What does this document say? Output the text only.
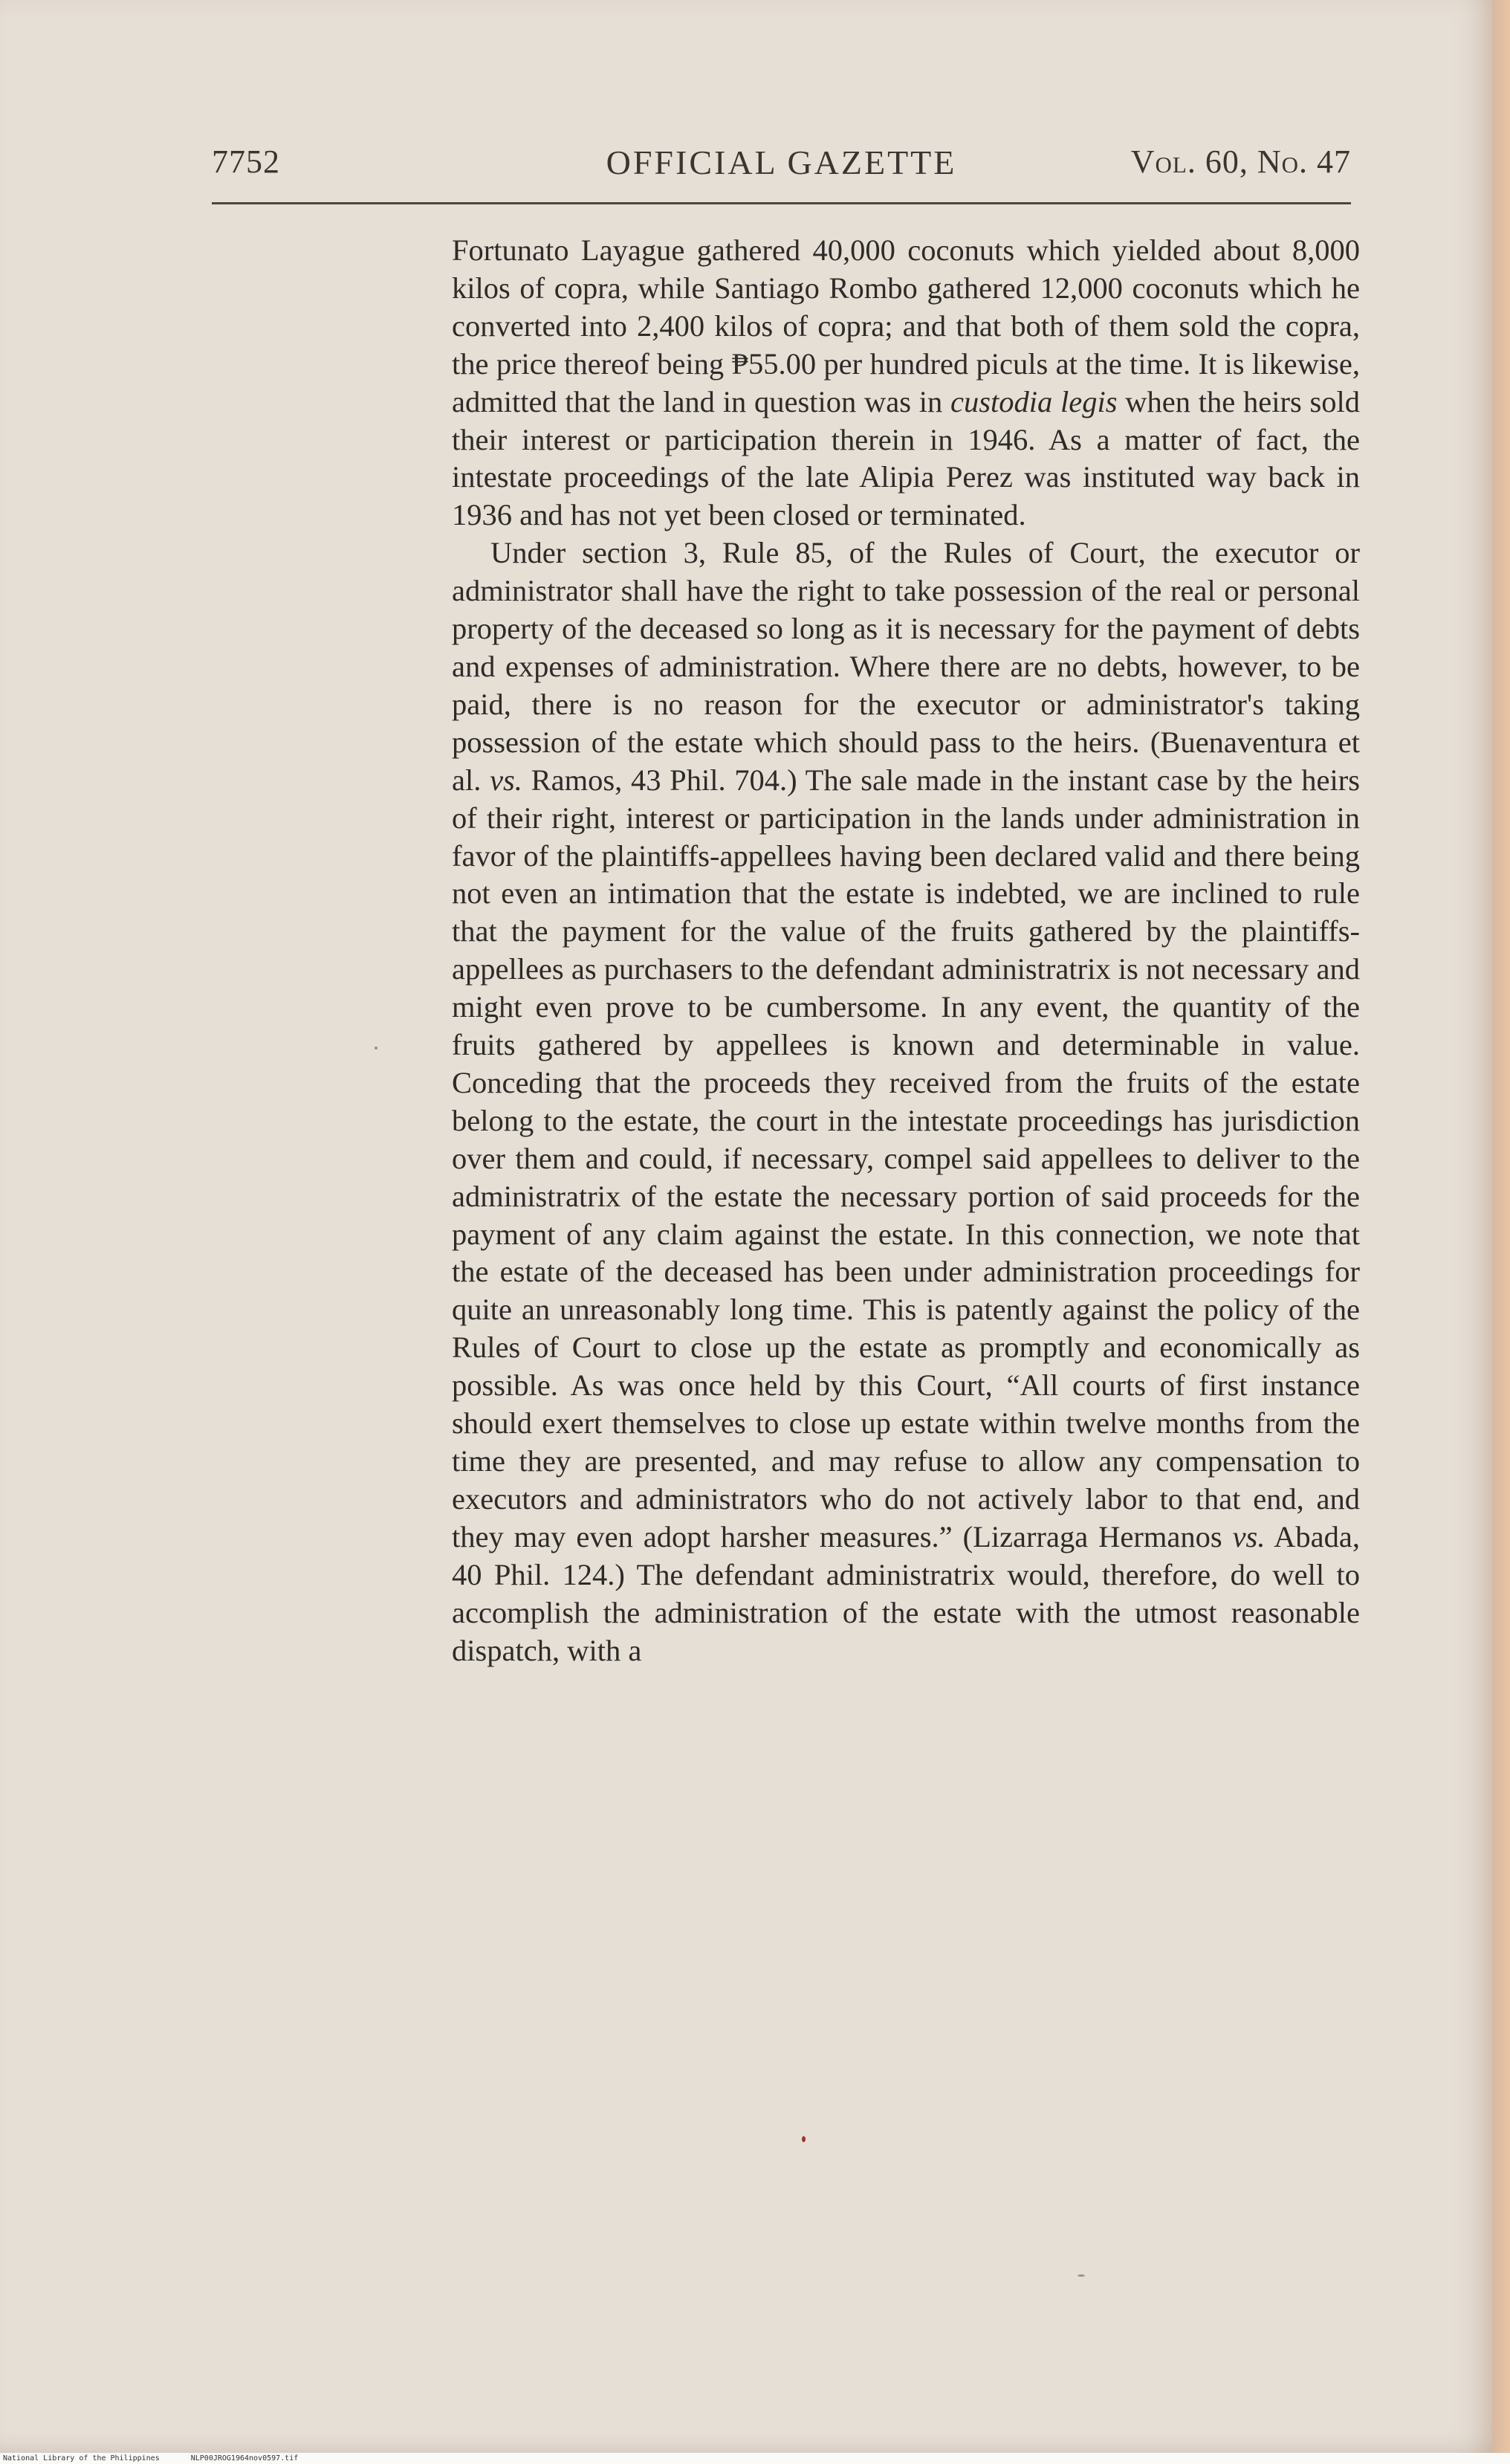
7752	OFFICIAL GAZETTE	Vol. 60, No. 47

Fortunato Layague gathered 40,000 coconuts which yielded about 8,000 kilos of copra, while Santiago Rombo gathered 12,000 coconuts which he converted into 2,400 kilos of copra; and that both of them sold the copra, the price thereof being ₱55.00 per hundred piculs at the time. It is likewise, admitted that the land in question was in custodia legis when the heirs sold their interest or participation therein in 1946. As a matter of fact, the intestate proceedings of the late Alipia Perez was instituted way back in 1936 and has not yet been closed or terminated.

Under section 3, Rule 85, of the Rules of Court, the executor or administrator shall have the right to take possession of the real or personal property of the deceased so long as it is necessary for the payment of debts and expenses of administration. Where there are no debts, however, to be paid, there is no reason for the executor or administrator's taking possession of the estate which should pass to the heirs. (Buenaventura et al. vs. Ramos, 43 Phil. 704.) The sale made in the instant case by the heirs of their right, interest or participation in the lands under administration in favor of the plaintiffs-appellees having been declared valid and there being not even an intimation that the estate is indebted, we are inclined to rule that the payment for the value of the fruits gathered by the plaintiffs-appellees as purchasers to the defendant administratrix is not necessary and might even prove to be cumbersome. In any event, the quantity of the fruits gathered by appellees is known and determinable in value. Conceding that the proceeds they received from the fruits of the estate belong to the estate, the court in the intestate proceedings has jurisdiction over them and could, if necessary, compel said appellees to deliver to the administratrix of the estate the necessary portion of said proceeds for the payment of any claim against the estate. In this connection, we note that the estate of the deceased has been under administration proceedings for quite an unreasonably long time. This is patently against the policy of the Rules of Court to close up the estate as promptly and economically as possible. As was once held by this Court, “All courts of first instance should exert themselves to close up estate within twelve months from the time they are presented, and may refuse to allow any compensation to executors and administrators who do not actively labor to that end, and they may even adopt harsher measures.” (Lizarraga Hermanos vs. Abada, 40 Phil. 124.) The defendant administratrix would, therefore, do well to accomplish the administration of the estate with the utmost reasonable dispatch, with a

National Library of the Philippines	NLP00JROG1964nov0597.tif
